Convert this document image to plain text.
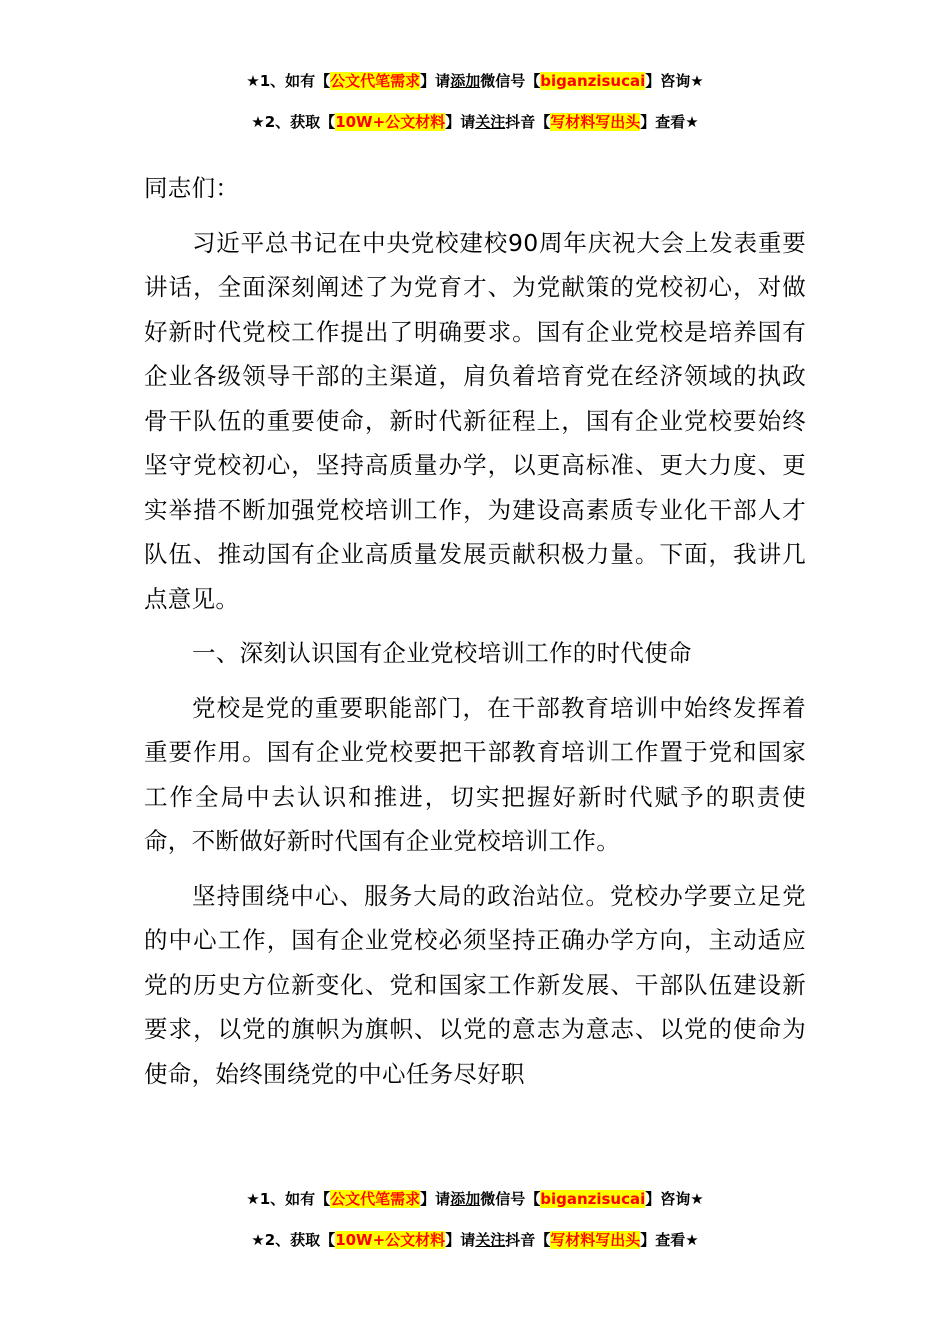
★1、如有【公文代笔需求】请添加微信号【biganzisucai】咨询★
★2、获取【10W+公文材料】请关注抖音【写材料写出头】查看★

同志们：

习近平总书记在中央党校建校90周年庆祝大会上发表重要讲话，全面深刻阐述了为党育才、为党献策的党校初心，对做好新时代党校工作提出了明确要求。国有企业党校是培养国有企业各级领导干部的主渠道，肩负着培育党在经济领域的执政骨干队伍的重要使命，新时代新征程上，国有企业党校要始终坚守党校初心，坚持高质量办学，以更高标准、更大力度、更实举措不断加强党校培训工作，为建设高素质专业化干部人才队伍、推动国有企业高质量发展贡献积极力量。下面，我讲几点意见。

一、深刻认识国有企业党校培训工作的时代使命

党校是党的重要职能部门，在干部教育培训中始终发挥着重要作用。国有企业党校要把干部教育培训工作置于党和国家工作全局中去认识和推进，切实把握好新时代赋予的职责使命，不断做好新时代国有企业党校培训工作。

坚持围绕中心、服务大局的政治站位。党校办学要立足党的中心工作，国有企业党校必须坚持正确办学方向，主动适应党的历史方位新变化、党和国家工作新发展、干部队伍建设新要求，以党的旗帜为旗帜、以党的意志为意志、以党的使命为使命，始终围绕党的中心任务尽好职

★1、如有【公文代笔需求】请添加微信号【biganzisucai】咨询★
★2、获取【10W+公文材料】请关注抖音【写材料写出头】查看★
